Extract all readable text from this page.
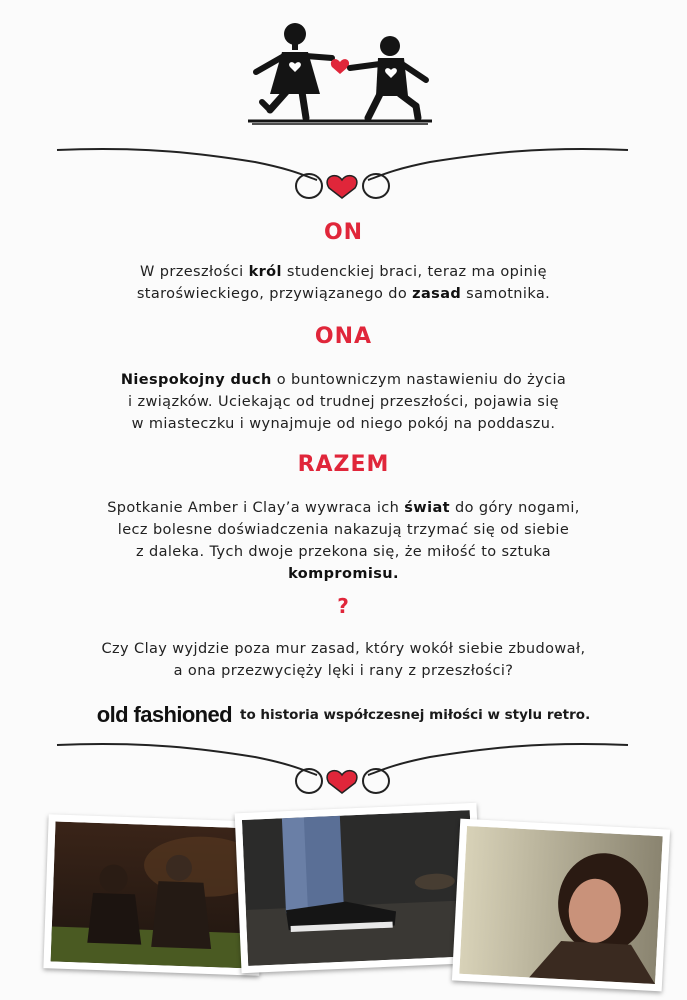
ON
W przeszłości król studenckiej braci, teraz ma opinię
staroświeckiego, przywiązanego do zasad samotnika.
ONA
Niespokojny duch o buntowniczym nastawieniu do życia
i związków. Uciekając od trudnej przeszłości, pojawia się
w miasteczku i wynajmuje od niego pokój na poddaszu.
RAZEM
Spotkanie Amber i Clay’a wywraca ich świat do góry nogami,
lecz bolesne doświadczenia nakazują trzymać się od siebie
z daleka. Tych dwoje przekona się, że miłość to sztuka
kompromisu.
?
Czy Clay wyjdzie poza mur zasad, który wokół siebie zbudował,
a ona przezwycięży lęki i rany z przeszłości?
old fashioned to historia współczesnej miłości w stylu retro.
